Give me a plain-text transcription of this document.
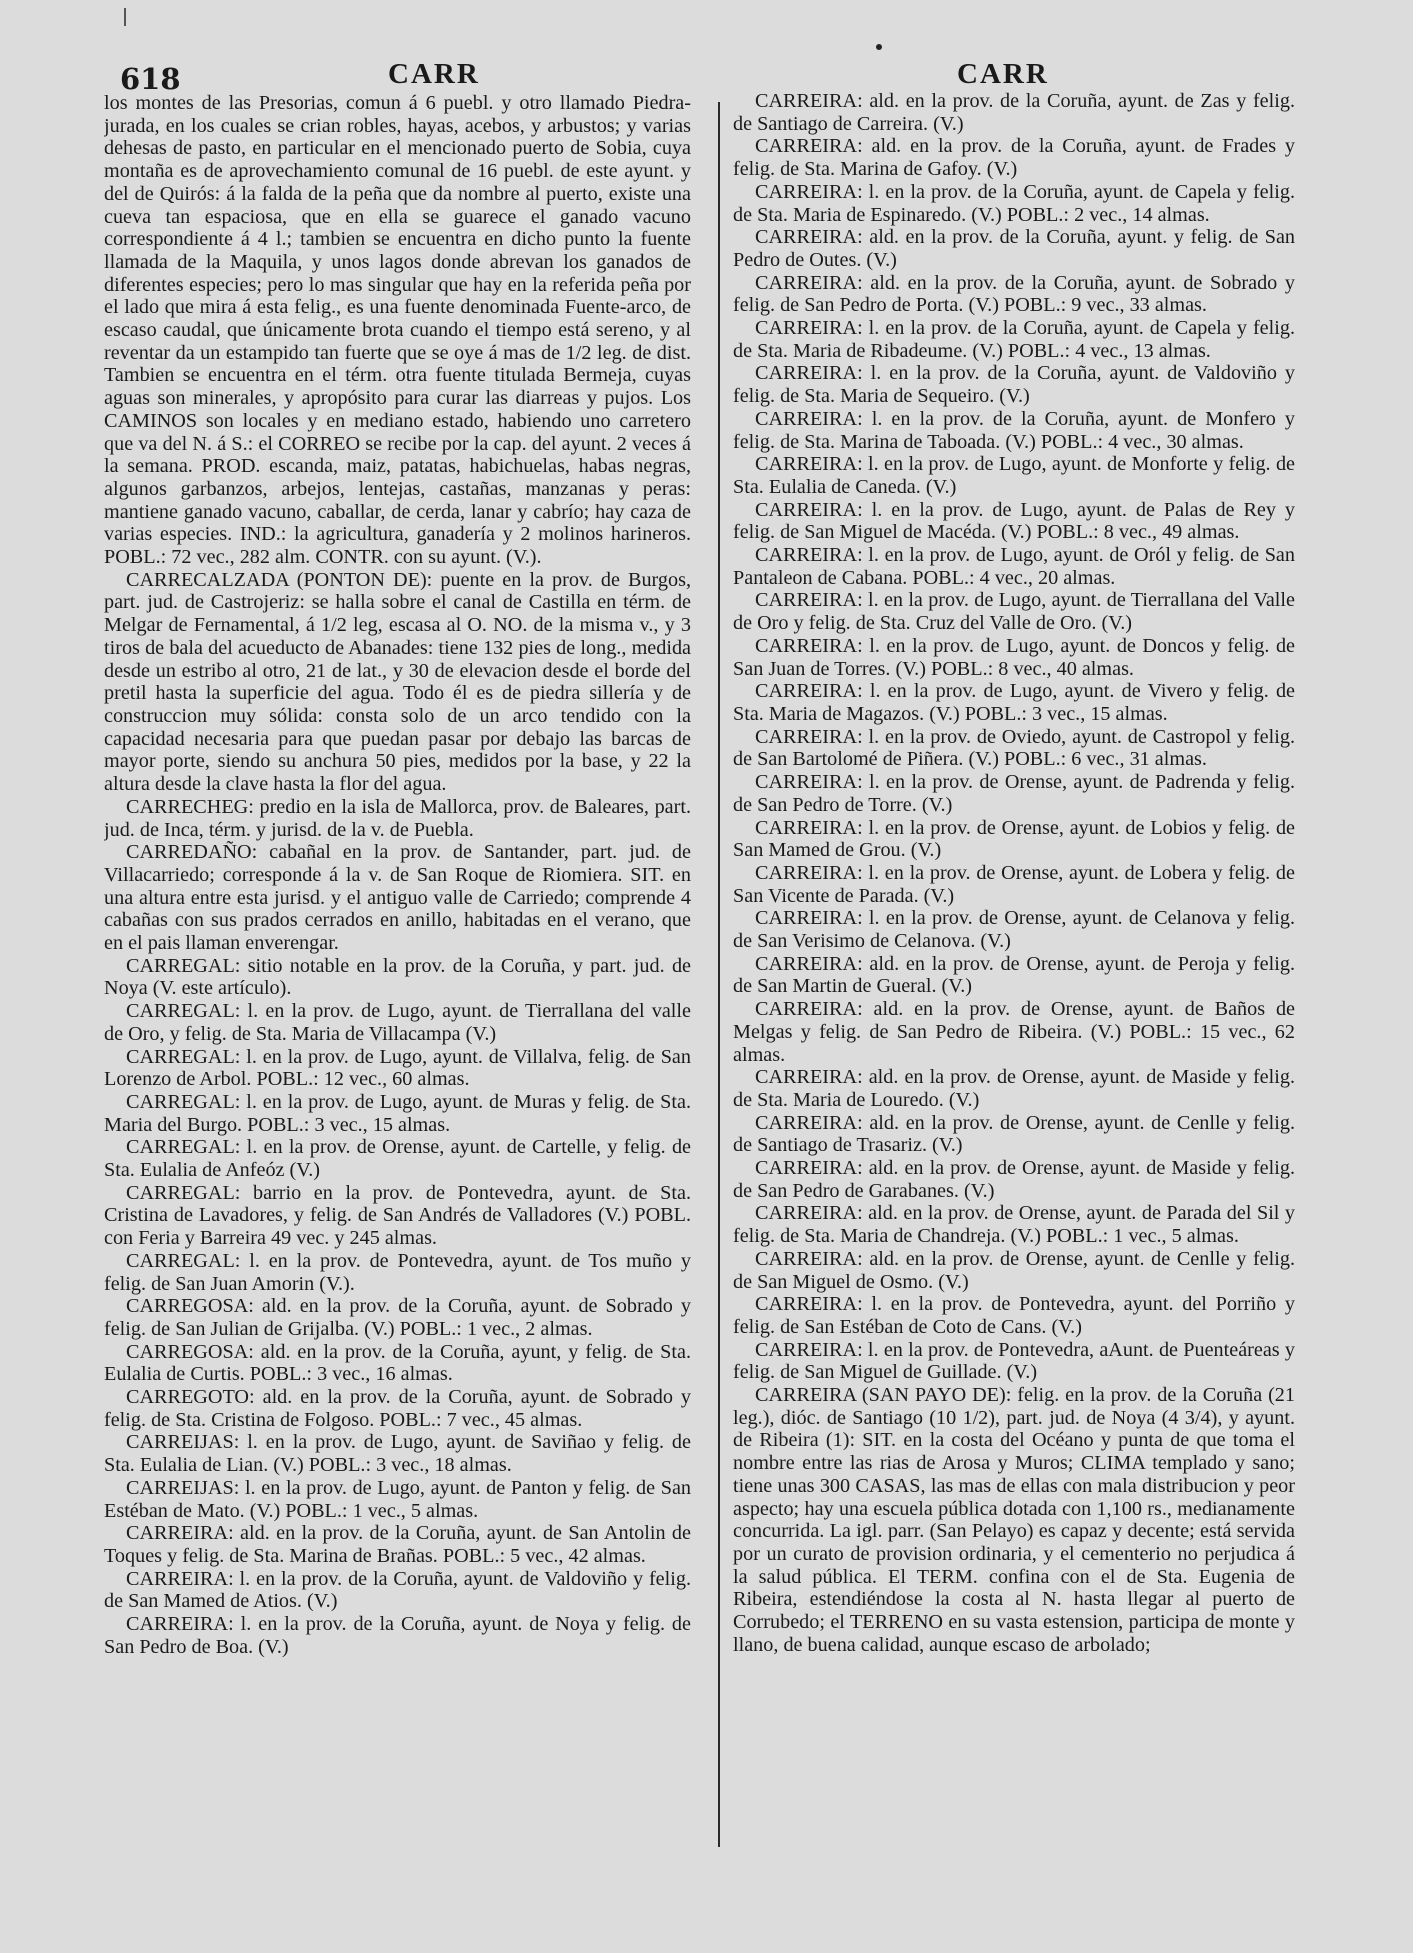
618	CARR	CARR

los montes de las Presorias, comun á 6 puebl. y otro llamado Piedra-jurada, en los cuales se crian robles, hayas, acebos, y arbustos; y varias dehesas de pasto, en particular en el mencionado puerto de Sobia, cuya montaña es de aprovechamiento comunal de 16 puebl. de este ayunt. y del de Quirós: á la falda de la peña que da nombre al puerto, existe una cueva tan espaciosa, que en ella se guarece el ganado vacuno correspondiente á 4 l.; tambien se encuentra en dicho punto la fuente llamada de la Maquila, y unos lagos donde abrevan los ganados de diferentes especies; pero lo mas singular que hay en la referida peña por el lado que mira á esta felig., es una fuente denominada Fuente-arco, de escaso caudal, que únicamente brota cuando el tiempo está sereno, y al reventar da un estampido tan fuerte que se oye á mas de 1/2 leg. de dist. Tambien se encuentra en el térm. otra fuente titulada Bermeja, cuyas aguas son minerales, y apropósito para curar las diarreas y pujos. Los CAMINOS son locales y en mediano estado, habiendo uno carretero que va del N. á S.: el CORREO se recibe por la cap. del ayunt. 2 veces á la semana. PROD. escanda, maiz, patatas, habichuelas, habas negras, algunos garbanzos, arbejos, lentejas, castañas, manzanas y peras: mantiene ganado vacuno, caballar, de cerda, lanar y cabrío; hay caza de varias especies. IND.: la agricultura, ganadería y 2 molinos harineros. POBL.: 72 vec., 282 alm. CONTR. con su ayunt. (V.).

CARRECALZADA (PONTON DE): puente en la prov. de Burgos, part. jud. de Castrojeriz: se halla sobre el canal de Castilla en térm. de Melgar de Fernamental, á 1/2 leg, escasa al O. NO. de la misma v., y 3 tiros de bala del acueducto de Abanades: tiene 132 pies de long., medida desde un estribo al otro, 21 de lat., y 30 de elevacion desde el borde del pretil hasta la superficie del agua. Todo él es de piedra sillería y de construccion muy sólida: consta solo de un arco tendido con la capacidad necesaria para que puedan pasar por debajo las barcas de mayor porte, siendo su anchura 50 pies, medidos por la base, y 22 la altura desde la clave hasta la flor del agua.

CARRECHEG: predio en la isla de Mallorca, prov. de Baleares, part. jud. de Inca, térm. y jurisd. de la v. de Puebla.

CARREDAÑO: cabañal en la prov. de Santander, part. jud. de Villacarriedo; corresponde á la v. de San Roque de Riomiera. SIT. en una altura entre esta jurisd. y el antiguo valle de Carriedo; comprende 4 cabañas con sus prados cerrados en anillo, habitadas en el verano, que en el pais llaman enverengar.

CARREGAL: sitio notable en la prov. de la Coruña, y part. jud. de Noya (V. este artículo).

CARREGAL: l. en la prov. de Lugo, ayunt. de Tierrallana del valle de Oro, y felig. de Sta. Maria de Villacampa (V.)

CARREGAL: l. en la prov. de Lugo, ayunt. de Villalva, felig. de San Lorenzo de Arbol. POBL.: 12 vec., 60 almas.

CARREGAL: l. en la prov. de Lugo, ayunt. de Muras y felig. de Sta. Maria del Burgo. POBL.: 3 vec., 15 almas.

CARREGAL: l. en la prov. de Orense, ayunt. de Cartelle, y felig. de Sta. Eulalia de Anfeóz (V.)

CARREGAL: barrio en la prov. de Pontevedra, ayunt. de Sta. Cristina de Lavadores, y felig. de San Andrés de Valladores (V.) POBL. con Feria y Barreira 49 vec. y 245 almas.

CARREGAL: l. en la prov. de Pontevedra, ayunt. de Tos muño y felig. de San Juan Amorin (V.).

CARREGOSA: ald. en la prov. de la Coruña, ayunt. de Sobrado y felig. de San Julian de Grijalba. (V.) POBL.: 1 vec., 2 almas.

CARREGOSA: ald. en la prov. de la Coruña, ayunt, y felig. de Sta. Eulalia de Curtis. POBL.: 3 vec., 16 almas.

CARREGOTO: ald. en la prov. de la Coruña, ayunt. de Sobrado y felig. de Sta. Cristina de Folgoso. POBL.: 7 vec., 45 almas.

CARREIJAS: l. en la prov. de Lugo, ayunt. de Saviñao y felig. de Sta. Eulalia de Lian. (V.) POBL.: 3 vec., 18 almas.

CARREIJAS: l. en la prov. de Lugo, ayunt. de Panton y felig. de San Estéban de Mato. (V.) POBL.: 1 vec., 5 almas.

CARREIRA: ald. en la prov. de la Coruña, ayunt. de San Antolin de Toques y felig. de Sta. Marina de Brañas. POBL.: 5 vec., 42 almas.

CARREIRA: l. en la prov. de la Coruña, ayunt. de Valdoviño y felig. de San Mamed de Atios. (V.)

CARREIRA: l. en la prov. de la Coruña, ayunt. de Noya y felig. de San Pedro de Boa. (V.)

CARREIRA: ald. en la prov. de la Coruña, ayunt. de Zas y felig. de Santiago de Carreira. (V.)

CARREIRA: ald. en la prov. de la Coruña, ayunt. de Frades y felig. de Sta. Marina de Gafoy. (V.)

CARREIRA: l. en la prov. de la Coruña, ayunt. de Capela y felig. de Sta. Maria de Espinaredo. (V.) POBL.: 2 vec., 14 almas.

CARREIRA: ald. en la prov. de la Coruña, ayunt. y felig. de San Pedro de Outes. (V.)

CARREIRA: ald. en la prov. de la Coruña, ayunt. de Sobrado y felig. de San Pedro de Porta. (V.) POBL.: 9 vec., 33 almas.

CARREIRA: l. en la prov. de la Coruña, ayunt. de Capela y felig. de Sta. Maria de Ribadeume. (V.) POBL.: 4 vec., 13 almas.

CARREIRA: l. en la prov. de la Coruña, ayunt. de Valdoviño y felig. de Sta. Maria de Sequeiro. (V.)

CARREIRA: l. en la prov. de la Coruña, ayunt. de Monfero y felig. de Sta. Marina de Taboada. (V.) POBL.: 4 vec., 30 almas.

CARREIRA: l. en la prov. de Lugo, ayunt. de Monforte y felig. de Sta. Eulalia de Caneda. (V.)

CARREIRA: l. en la prov. de Lugo, ayunt. de Palas de Rey y felig. de San Miguel de Macéda. (V.) POBL.: 8 vec., 49 almas.

CARREIRA: l. en la prov. de Lugo, ayunt. de Oról y felig. de San Pantaleon de Cabana. POBL.: 4 vec., 20 almas.

CARREIRA: l. en la prov. de Lugo, ayunt. de Tierrallana del Valle de Oro y felig. de Sta. Cruz del Valle de Oro. (V.)

CARREIRA: l. en la prov. de Lugo, ayunt. de Doncos y felig. de San Juan de Torres. (V.) POBL.: 8 vec., 40 almas.

CARREIRA: l. en la prov. de Lugo, ayunt. de Vivero y felig. de Sta. Maria de Magazos. (V.) POBL.: 3 vec., 15 almas.

CARREIRA: l. en la prov. de Oviedo, ayunt. de Castropol y felig. de San Bartolomé de Piñera. (V.) POBL.: 6 vec., 31 almas.

CARREIRA: l. en la prov. de Orense, ayunt. de Padrenda y felig. de San Pedro de Torre. (V.)

CARREIRA: l. en la prov. de Orense, ayunt. de Lobios y felig. de San Mamed de Grou. (V.)

CARREIRA: l. en la prov. de Orense, ayunt. de Lobera y felig. de San Vicente de Parada. (V.)

CARREIRA: l. en la prov. de Orense, ayunt. de Celanova y felig. de San Verisimo de Celanova. (V.)

CARREIRA: ald. en la prov. de Orense, ayunt. de Peroja y felig. de San Martin de Gueral. (V.)

CARREIRA: ald. en la prov. de Orense, ayunt. de Baños de Melgas y felig. de San Pedro de Ribeira. (V.) POBL.: 15 vec., 62 almas.

CARREIRA: ald. en la prov. de Orense, ayunt. de Maside y felig. de Sta. Maria de Louredo. (V.)

CARREIRA: ald. en la prov. de Orense, ayunt. de Cenlle y felig. de Santiago de Trasariz. (V.)

CARREIRA: ald. en la prov. de Orense, ayunt. de Maside y felig. de San Pedro de Garabanes. (V.)

CARREIRA: ald. en la prov. de Orense, ayunt. de Parada del Sil y felig. de Sta. Maria de Chandreja. (V.) POBL.: 1 vec., 5 almas.

CARREIRA: ald. en la prov. de Orense, ayunt. de Cenlle y felig. de San Miguel de Osmo. (V.)

CARREIRA: l. en la prov. de Pontevedra, ayunt. del Porriño y felig. de San Estéban de Coto de Cans. (V.)

CARREIRA: l. en la prov. de Pontevedra, aAunt. de Puenteáreas y felig. de San Miguel de Guillade. (V.)

CARREIRA (SAN PAYO DE): felig. en la prov. de la Coruña (21 leg.), dióc. de Santiago (10 1/2), part. jud. de Noya (4 3/4), y ayunt. de Ribeira (1): SIT. en la costa del Océano y punta de que toma el nombre entre las rias de Arosa y Muros; CLIMA templado y sano; tiene unas 300 CASAS, las mas de ellas con mala distribucion y peor aspecto; hay una escuela pública dotada con 1,100 rs., medianamente concurrida. La igl. parr. (San Pelayo) es capaz y decente; está servida por un curato de provision ordinaria, y el cementerio no perjudica á la salud pública. El TERM. confina con el de Sta. Eugenia de Ribeira, estendiéndose la costa al N. hasta llegar al puerto de Corrubedo; el TERRENO en su vasta estension, participa de monte y llano, de buena calidad, aunque escaso de arbolado;
